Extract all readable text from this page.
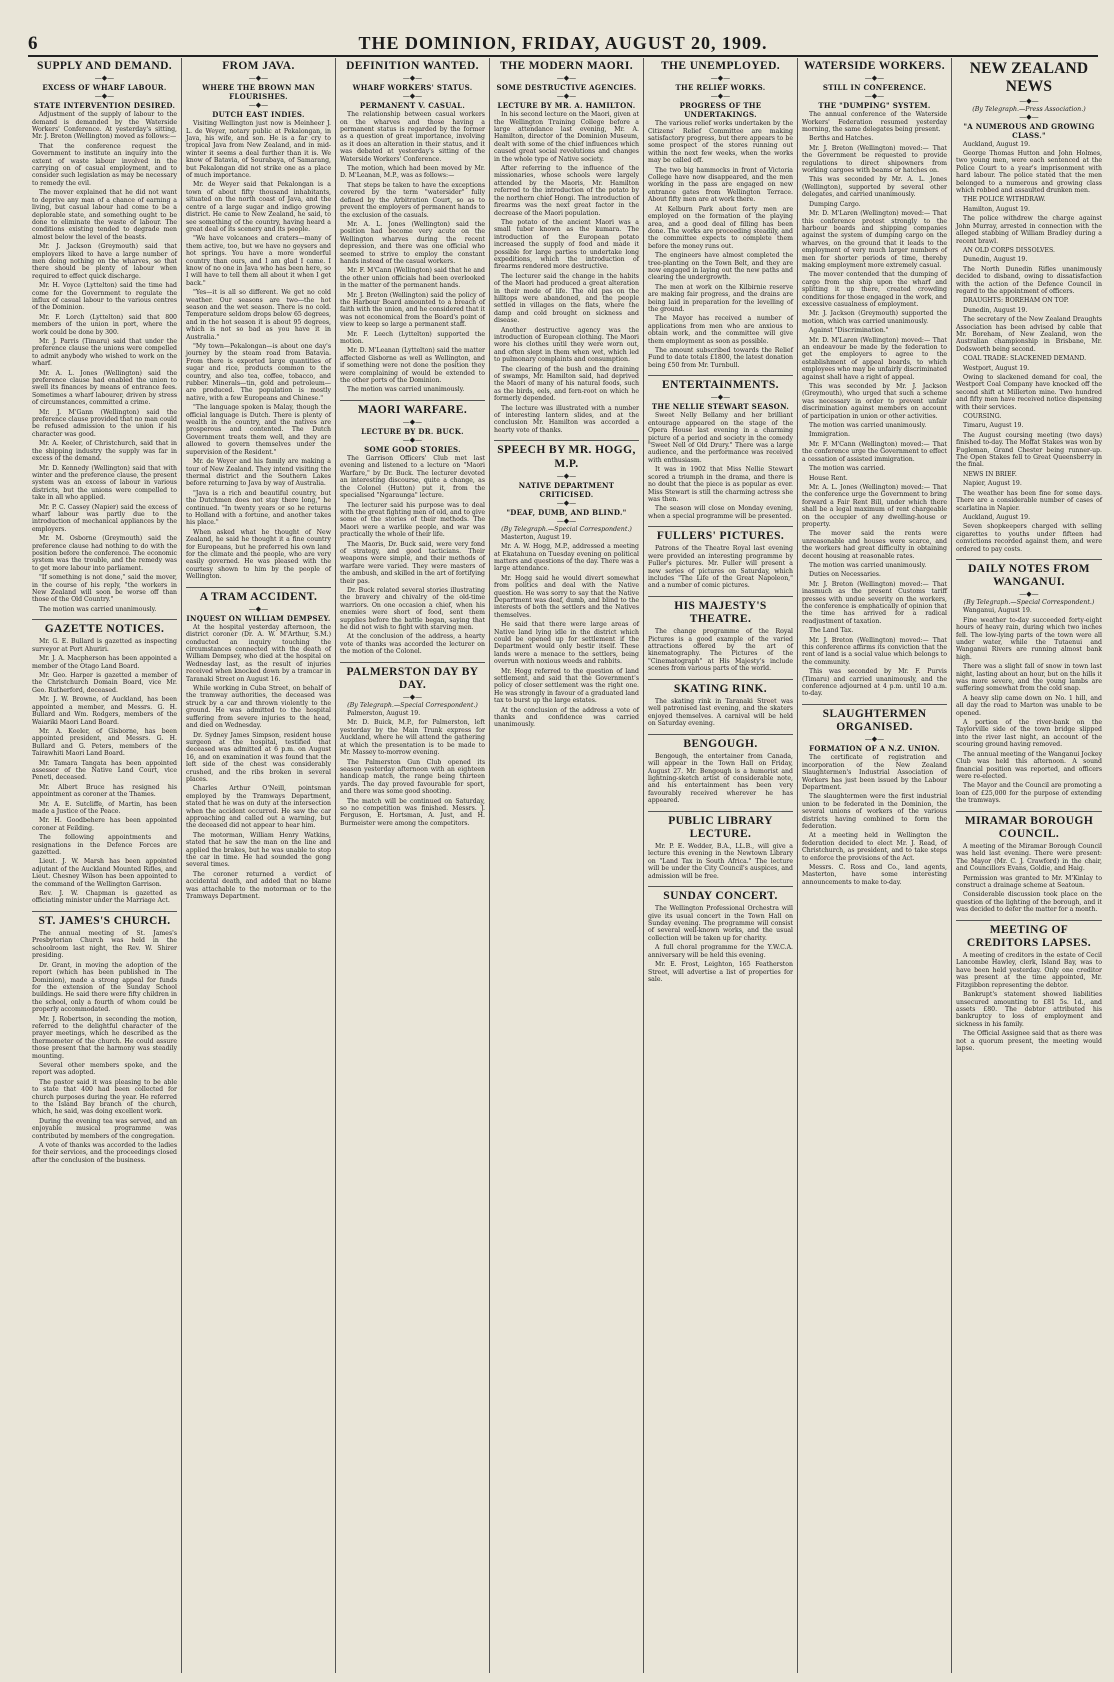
6	THE DOMINION, FRIDAY, AUGUST 20, 1909.
SUPPLY AND DEMAND.
—◆—
EXCESS OF WHARF LABOUR.
—◆—
STATE INTERVENTION DESIRED.

Adjustment of the supply of labour to the demand is demanded by the Waterside Workers' Conference. At yesterday's sitting, Mr. J. Breton (Wellington) moved as follows:—

That the conference request the Government to institute an inquiry into the extent of waste labour involved in the carrying on of casual employment, and to consider such legislation as may be necessary to remedy the evil.

The mover explained that he did not want to deprive any man of a chance of earning a living, but casual labour had come to be a deplorable state, and something ought to be done to eliminate the waste of labour. The conditions existing tended to degrade men almost below the level of the beasts.

Mr. J. Jackson (Greymouth) said that employers liked to have a large number of men doing nothing on the wharves, so that there should be plenty of labour when required to effect quick discharge.

Mr. H. Voyce (Lyttelton) said the time had come for the Government to regulate the influx of casual labour to the various centres of the Dominion.

Mr. F. Lorch (Lyttelton) said that 800 members of the union in port, where the work could be done by 300.

Mr. J. Parris (Timaru) said that under the preference clause the unions were compelled to admit anybody who wished to work on the wharf.

Mr. A. L. Jones (Wellington) said the preference clause had enabled the union to swell its finances by means of entrance fees. Sometimes a wharf labourer, driven by stress of circumstances, committed a crime.

Mr. J. M'Gann (Wellington) said the preference clause provided that no man could be refused admission to the union if his character was good.

Mr. A. Keeler, of Christchurch, said that in the shipping industry the supply was far in excess of the demand.

Mr. D. Kennedy (Wellington) said that with winter and the preference clause, the present system was an excess of labour in various districts, but the unions were compelled to take in all who applied.

Mr. P. C. Cassey (Napier) said the excess of wharf labour was partly due to the introduction of mechanical appliances by the employers.

Mr. M. Osborne (Greymouth) said the preference clause had nothing to do with the position before the conference. The economic system was the trouble, and the remedy was to get more labour into parliament.

"If something is not done," said the mover, in the course of his reply, "the workers in New Zealand will soon be worse off than those of the Old Country."

The motion was carried unanimously.

GAZETTE NOTICES.

Mr. G. E. Bullard is gazetted as inspecting surveyor at Port Ahuriri.

Mr. J. A. Macpherson has been appointed a member of the Otago Land Board.

Mr. Geo. Harper is gazetted a member of the Christchurch Domain Board, vice Mr. Geo. Rutherford, deceased.

Mr. J. W. Browne, of Auckland, has been appointed a member, and Messrs. G. H. Bullard and Wm. Rodgers, members of the Waiariki Maori Land Board.

Mr. A. Keeler, of Gisborne, has been appointed president, and Messrs. G. H. Bullard and G. Peters, members of the Tairawhiti Maori Land Board.

Mr. Tamara Tangata has been appointed assessor of the Native Land Court, vice Peneti, deceased.

Mr. Albert Bruce has resigned his appointment as coroner at the Thames.

Mr. A. E. Sutcliffe, of Martin, has been made a Justice of the Peace.

Mr. H. Goodbehere has been appointed coroner at Feilding.

The following appointments and resignations in the Defence Forces are gazetted.

Lieut. J. W. Marsh has been appointed adjutant of the Auckland Mounted Rifles, and Lieut. Chesney Wilson has been appointed to the command of the Wellington Garrison.

Rev. J. W. Chapman is gazetted as officiating minister under the Marriage Act.

ST. JAMES'S CHURCH.

The annual meeting of St. James's Presbyterian Church was held in the schoolroom last night, the Rev. W. Shirer presiding.

Dr. Grant, in moving the adoption of the report (which has been published in The Dominion), made a strong appeal for funds for the extension of the Sunday School buildings. He said there were fifty children in the school, only a fourth of whom could be properly accommodated.

Mr. J. Robertson, in seconding the motion, referred to the delightful character of the prayer meetings, which he described as the thermometer of the church. He could assure those present that the harmony was steadily mounting.

Several other members spoke, and the report was adopted.

The pastor said it was pleasing to be able to state that 400 had been collected for church purposes during the year. He referred to the Island Bay branch of the church, which, he said, was doing excellent work.

During the evening tea was served, and an enjoyable musical programme was contributed by members of the congregation.

A vote of thanks was accorded to the ladies for their services, and the proceedings closed after the conclusion of the business.

FROM JAVA.
—◆—
WHERE THE BROWN MAN FLOURISHES.
—◆—
DUTCH EAST INDIES.

Visiting Wellington just now is Meinheer J. L. de Weyer, notary public at Pekalongan, in Java, his wife, and son. He is a far cry to tropical Java from New Zealand, and in mid-winter it seems a deal further than it is. We know of Batavia, of Sourabaya, of Samarang, but Pekalongan did not strike one as a place of much importance.

Mr. de Weyer said that Pekalongan is a town of about fifty thousand inhabitants, situated on the north coast of Java, and the centre of a large sugar and indigo growing district. He came to New Zealand, he said, to see something of the country, having heard a great deal of its scenery and its people.

"We have volcanoes and craters—many of them active, too, but we have no geysers and hot springs. You have a more wonderful country than ours, and I am glad I came. I know of no one in Java who has been here, so I will have to tell them all about it when I get back."

"Yes—it is all so different. We get no cold weather. Our seasons are two—the hot season and the wet season. There is no cold. Temperature seldom drops below 65 degrees, and in the hot season it is about 95 degrees, which is not so bad as you have it in Australia."

"My town—Pekalongan—is about one day's journey by the steam road from Batavia. From there is exported large quantities of sugar and rice, products common to the country, and also tea, coffee, tobacco, and rubber. Minerals—tin, gold and petroleum—are produced. The population is mostly native, with a few Europeans and Chinese."

"The language spoken is Malay, though the official language is Dutch. There is plenty of wealth in the country, and the natives are prosperous and contented. The Dutch Government treats them well, and they are allowed to govern themselves under the supervision of the Resident."

Mr. de Weyer and his family are making a tour of New Zealand. They intend visiting the thermal district and the Southern Lakes before returning to Java by way of Australia.

"Java is a rich and beautiful country, but the Dutchmen does not stay there long," he continued. "In twenty years or so he returns to Holland with a fortune, and another takes his place."

When asked what he thought of New Zealand, he said he thought it a fine country for Europeans, but he preferred his own land for the climate and the people, who are very easily governed. He was pleased with the courtesy shown to him by the people of Wellington.

A TRAM ACCIDENT.
—◆—
INQUEST ON WILLIAM DEMPSEY.

At the hospital yesterday afternoon, the district coroner (Dr. A. W. M'Arthur, S.M.) conducted an inquiry touching the circumstances connected with the death of William Dempsey, who died at the hospital on Wednesday last, as the result of injuries received when knocked down by a tramcar in Taranaki Street on August 16.

While working in Cuba Street, on behalf of the tramway authorities, the deceased was struck by a car and thrown violently to the ground. He was admitted to the hospital suffering from severe injuries to the head, and died on Wednesday.

Dr. Sydney James Simpson, resident house surgeon at the hospital, testified that deceased was admitted at 6 p.m. on August 16, and on examination it was found that the left side of the chest was considerably crushed, and the ribs broken in several places.

Charles Arthur O'Neill, pointsman employed by the Tramways Department, stated that he was on duty at the intersection when the accident occurred. He saw the car approaching and called out a warning, but the deceased did not appear to hear him.

The motorman, William Henry Watkins, stated that he saw the man on the line and applied the brakes, but he was unable to stop the car in time. He had sounded the gong several times.

The coroner returned a verdict of accidental death, and added that no blame was attachable to the motorman or to the Tramways Department.

DEFINITION WANTED.
—◆—
WHARF WORKERS' STATUS.
—◆—
PERMANENT V. CASUAL.

The relationship between casual workers on the wharves and those having a permanent status is regarded by the former as a question of great importance, involving as it does an alteration in their status, and it was debated at yesterday's sitting of the Waterside Workers' Conference.

The motion, which had been moved by Mr. D. M'Leanan, M.P., was as follows:—

That steps be taken to have the exceptions covered by the term "watersider" fully defined by the Arbitration Court, so as to prevent the employers of permanent hands to the exclusion of the casuals.

Mr. A. L. Jones (Wellington) said the position had become very acute on the Wellington wharves during the recent depression, and there was one official who seemed to strive to employ the constant hands instead of the casual workers.

Mr. F. M'Cann (Wellington) said that he and the other union officials had been overlooked in the matter of the permanent hands.

Mr. J. Breton (Wellington) said the policy of the Harbour Board amounted to a breach of faith with the union, and he considered that it was not economical from the Board's point of view to keep so large a permanent staff.

Mr. F. Leech (Lyttelton) supported the motion.

Mr. D. M'Leanan (Lyttelton) said the matter affected Gisborne as well as Wellington, and if something were not done the position they were complaining of would be extended to the other ports of the Dominion.

The motion was carried unanimously.

MAORI WARFARE.
—◆—
LECTURE BY DR. BUCK.
—◆—
SOME GOOD STORIES.

The Garrison Officers' Club met last evening and listened to a lecture on "Maori Warfare," by Dr. Buck. The lecturer devoted an interesting discourse, quite a change, as the Colonel (Hutton) put it, from the specialised "Ngaraunga" lecture.

The lecturer said his purpose was to deal with the great fighting men of old, and to give some of the stories of their methods. The Maori were a warlike people, and war was practically the whole of their life.

The Maoris, Dr. Buck said, were very fond of strategy, and good tacticians. Their weapons were simple, and their methods of warfare were varied. They were masters of the ambush, and skilled in the art of fortifying their pas.

Dr. Buck related several stories illustrating the bravery and chivalry of the old-time warriors. On one occasion a chief, when his enemies were short of food, sent them supplies before the battle began, saying that he did not wish to fight with starving men.

At the conclusion of the address, a hearty vote of thanks was accorded the lecturer on the motion of the Colonel.

PALMERSTON DAY BY DAY.
—◆—
(By Telegraph.—Special Correspondent.)

Palmerston, August 19.

Mr. D. Buick, M.P., for Palmerston, left yesterday by the Main Trunk express for Auckland, where he will attend the gathering at which the presentation is to be made to Mr. Massey to-morrow evening.

The Palmerston Gun Club opened its season yesterday afternoon with an eighteen handicap match, the range being thirteen yards. The day proved favourable for sport, and there was some good shooting.

The match will be continued on Saturday, so no competition was finished. Messrs. J. Ferguson, E. Hortsman, A. Just, and H. Burmeister were among the competitors.

THE MODERN MAORI.
—◆—
SOME DESTRUCTIVE AGENCIES.
—◆—
LECTURE BY MR. A. HAMILTON.

In his second lecture on the Maori, given at the Wellington Training College before a large attendance last evening, Mr. A. Hamilton, director of the Dominion Museum, dealt with some of the chief influences which caused great social revolutions and changes in the whole type of Native society.

After referring to the influence of the missionaries, whose schools were largely attended by the Maoris, Mr. Hamilton referred to the introduction of the potato by the northern chief Hongi. The introduction of firearms was the next great factor in the decrease of the Maori population.

The potato of the ancient Maori was a small tuber known as the kumara. The introduction of the European potato increased the supply of food and made it possible for large parties to undertake long expeditions, which the introduction of firearms rendered more destructive.

The lecturer said the change in the habits of the Maori had produced a great alteration in their mode of life. The old pas on the hilltops were abandoned, and the people settled in villages on the flats, where the damp and cold brought on sickness and disease.

Another destructive agency was the introduction of European clothing. The Maori wore his clothes until they were worn out, and often slept in them when wet, which led to pulmonary complaints and consumption.

The clearing of the bush and the draining of swamps, Mr. Hamilton said, had deprived the Maori of many of his natural foods, such as the birds, eels, and fern-root on which he formerly depended.

The lecture was illustrated with a number of interesting lantern slides, and at the conclusion Mr. Hamilton was accorded a hearty vote of thanks.

SPEECH BY MR. HOGG, M.P.
—◆—
NATIVE DEPARTMENT CRITICISED.
—◆—
"DEAF, DUMB, AND BLIND."
—◆—
(By Telegraph.—Special Correspondent.)

Masterton, August 19.

Mr. A. W. Hogg, M.P., addressed a meeting at Ekatahuna on Tuesday evening on political matters and questions of the day. There was a large attendance.

Mr. Hogg said he would divert somewhat from politics and deal with the Native question. He was sorry to say that the Native Department was deaf, dumb, and blind to the interests of both the settlers and the Natives themselves.

He said that there were large areas of Native land lying idle in the district which could be opened up for settlement if the Department would only bestir itself. These lands were a menace to the settlers, being overrun with noxious weeds and rabbits.

Mr. Hogg referred to the question of land settlement, and said that the Government's policy of closer settlement was the right one. He was strongly in favour of a graduated land tax to burst up the large estates.

At the conclusion of the address a vote of thanks and confidence was carried unanimously.

THE UNEMPLOYED.
—◆—
THE RELIEF WORKS.
—◆—
PROGRESS OF THE UNDERTAKINGS.

The various relief works undertaken by the Citizens' Relief Committee are making satisfactory progress, but there appears to be some prospect of the stores running out within the next few weeks, when the works may be called off.

The two big hammocks in front of Victoria College have now disappeared, and the men working in the pass are engaged on new entrance gates from Wellington Terrace. About fifty men are at work there.

At Kelburn Park about forty men are employed on the formation of the playing area, and a good deal of filling has been done. The works are proceeding steadily, and the committee expects to complete them before the money runs out.

The engineers have almost completed the tree-planting on the Town Belt, and they are now engaged in laying out the new paths and clearing the undergrowth.

The men at work on the Kilbirnie reserve are making fair progress, and the drains are being laid in preparation for the levelling of the ground.

The Mayor has received a number of applications from men who are anxious to obtain work, and the committee will give them employment as soon as possible.

The amount subscribed towards the Relief Fund to date totals £1800, the latest donation being £50 from Mr. Turnbull.

ENTERTAINMENTS.
—◆—
THE NELLIE STEWART SEASON.

Sweet Nelly Bellamy and her brilliant entourage appeared on the stage of the Opera House last evening in a charming picture of a period and society in the comedy "Sweet Nell of Old Drury." There was a large audience, and the performance was received with enthusiasm.

It was in 1902 that Miss Nellie Stewart scored a triumph in the drama, and there is no doubt that the piece is as popular as ever. Miss Stewart is still the charming actress she was then.

The season will close on Monday evening, when a special programme will be presented.

FULLERS' PICTURES.

Patrons of the Theatre Royal last evening were provided an interesting programme by Fuller's pictures. Mr. Fuller will present a new series of pictures on Saturday, which includes "The Life of the Great Napoleon," and a number of comic pictures.

HIS MAJESTY'S THEATRE.

The change programme of the Royal Pictures is a good example of the varied attractions offered by the art of kinematography. The Pictures of the "Cinematograph" at His Majesty's include scenes from various parts of the world.

SKATING RINK.

The skating rink in Taranaki Street was well patronised last evening, and the skaters enjoyed themselves. A carnival will be held on Saturday evening.

BENGOUGH.

Bengough, the entertainer from Canada, will appear in the Town Hall on Friday, August 27. Mr. Bengough is a humorist and lightning-sketch artist of considerable note, and his entertainment has been very favourably received wherever he has appeared.

PUBLIC LIBRARY LECTURE.

Mr. P. E. Wedder, B.A., LL.B., will give a lecture this evening in the Newtown Library on "Land Tax in South Africa." The lecture will be under the City Council's auspices, and admission will be free.

SUNDAY CONCERT.

The Wellington Professional Orchestra will give its usual concert in the Town Hall on Sunday evening. The programme will consist of several well-known works, and the usual collection will be taken up for charity.

A full choral programme for the Y.W.C.A. anniversary will be held this evening.

Mr. E. Frost, Leighton, 165 Featherston Street, will advertise a list of properties for sale.

WATERSIDE WORKERS.
—◆—
STILL IN CONFERENCE.
—◆—
THE "DUMPING" SYSTEM.

The annual conference of the Waterside Workers' Federation resumed yesterday morning, the same delegates being present.

Berths and Hatches.

Mr. J. Breton (Wellington) moved:— That the Government be requested to provide regulations to direct shipowners from working cargoes with beams or hatches on.

This was seconded by Mr. A. L. Jones (Wellington), supported by several other delegates, and carried unanimously.

Dumping Cargo.

Mr. D. M'Laren (Wellington) moved:— That this conference protest strongly to the harbour boards and shipping companies against the system of dumping cargo on the wharves, on the ground that it leads to the employment of very much larger numbers of men for shorter periods of time, thereby making employment more extremely casual.

The mover contended that the dumping of cargo from the ship upon the wharf and splitting it up there, created crowding conditions for those engaged in the work, and excessive casualness of employment.

Mr. J. Jackson (Greymouth) supported the motion, which was carried unanimously.

Against "Discrimination."

Mr. D. M'Laren (Wellington) moved:— That an endeavour be made by the federation to get the employers to agree to the establishment of appeal boards, to which employees who may be unfairly discriminated against shall have a right of appeal.

This was seconded by Mr. J. Jackson (Greymouth), who urged that such a scheme was necessary in order to prevent unfair discrimination against members on account of participation in union or other activities.

The motion was carried unanimously.

Immigration.

Mr. F. M'Cann (Wellington) moved:— That the conference urge the Government to effect a cessation of assisted immigration.

The motion was carried.

House Rent.

Mr. A. L. Jones (Wellington) moved:— That the conference urge the Government to bring forward a Fair Rent Bill, under which there shall be a legal maximum of rent chargeable on the occupier of any dwelling-house or property.

The mover said the rents were unreasonable and houses were scarce, and the workers had great difficulty in obtaining decent housing at reasonable rates.

The motion was carried unanimously.

Duties on Necessaries.

Mr. J. Breton (Wellington) moved:— That inasmuch as the present Customs tariff presses with undue severity on the workers, the conference is emphatically of opinion that the time has arrived for a radical readjustment of taxation.

The Land Tax.

Mr. J. Breton (Wellington) moved:— That this conference affirms its conviction that the rent of land is a social value which belongs to the community.

This was seconded by Mr. F. Purvis (Timaru) and carried unanimously, and the conference adjourned at 4 p.m. until 10 a.m. to-day.

SLAUGHTERMEN ORGANISED.
—◆—
FORMATION OF A N.Z. UNION.

The certificate of registration and incorporation of the New Zealand Slaughtermen's Industrial Association of Workers has just been issued by the Labour Department.

The slaughtermen were the first industrial union to be federated in the Dominion, the several unions of workers of the various districts having combined to form the federation.

At a meeting held in Wellington the federation decided to elect Mr. J. Read, of Christchurch, as president, and to take steps to enforce the provisions of the Act.

Messrs. C. Ross and Co., land agents, Masterton, have some interesting announcements to make to-day.

NEW ZEALAND NEWS
—◆—
(By Telegraph.—Press Association.)
—◆—
"A NUMEROUS AND GROWING CLASS."

Auckland, August 19.

George Thomas Hutton and John Holmes, two young men, were each sentenced at the Police Court to a year's imprisonment with hard labour. The police stated that the men belonged to a numerous and growing class which robbed and assaulted drunken men.

THE POLICE WITHDRAW.

Hamilton, August 19.

The police withdrew the charge against John Murray, arrested in connection with the alleged stabbing of William Bradley during a recent brawl.

AN OLD CORPS DISSOLVES.

Dunedin, August 19.

The North Dunedin Rifles unanimously decided to disband, owing to dissatisfaction with the action of the Defence Council in regard to the appointment of officers.

DRAUGHTS: BOREHAM ON TOP.

Dunedin, August 19.

The secretary of the New Zealand Draughts Association has been advised by cable that Mr. Boreham, of New Zealand, won the Australian championship in Brisbane, Mr. Dodsworth being second.

COAL TRADE: SLACKENED DEMAND.

Westport, August 19.

Owing to slackened demand for coal, the Westport Coal Company have knocked off the second shift at Millerton mine. Two hundred and fifty men have received notice dispensing with their services.

COURSING.

Timaru, August 19.

The August coursing meeting (two days) finished to-day. The Moffat Stakes was won by Fugleman, Grand Chester being runner-up. The Open Stakes fell to Great Queensberry in the final.

NEWS IN BRIEF.

Napier, August 19.

The weather has been fine for some days. There are a considerable number of cases of scarlatina in Napier.

Auckland, August 19.

Seven shopkeepers charged with selling cigarettes to youths under fifteen had convictions recorded against them, and were ordered to pay costs.

DAILY NOTES FROM WANGANUI.
—◆—
(By Telegraph.—Special Correspondent.)

Wanganui, August 19.

Fine weather to-day succeeded forty-eight hours of heavy rain, during which two inches fell. The low-lying parts of the town were all under water, while the Tutaenui and Wanganui Rivers are running almost bank high.

There was a slight fall of snow in town last night, lasting about an hour, but on the hills it was more severe, and the young lambs are suffering somewhat from the cold snap.

A heavy slip came down on No. 1 hill, and all day the road to Marton was unable to be opened.

A portion of the river-bank on the Taylorville side of the town bridge slipped into the river last night, an account of the scouring ground having removed.

The annual meeting of the Wanganui Jockey Club was held this afternoon. A sound financial position was reported, and officers were re-elected.

The Mayor and the Council are promoting a loan of £25,000 for the purpose of extending the tramways.

MIRAMAR BOROUGH COUNCIL.

A meeting of the Miramar Borough Council was held last evening. There were present: The Mayor (Mr. C. J. Crawford) in the chair, and Councillors Evans, Goldie, and Haig.

Permission was granted to Mr. M'Kinlay to construct a drainage scheme at Seatoun.

Considerable discussion took place on the question of the lighting of the borough, and it was decided to defer the matter for a month.

MEETING OF CREDITORS LAPSES.

A meeting of creditors in the estate of Cecil Lancombe Hawley, clerk, Island Bay, was to have been held yesterday. Only one creditor was present at the time appointed, Mr. Fitzgibbon representing the debtor.

Bankrupt's statement showed liabilities unsecured amounting to £81 5s. 1d., and assets £80. The debtor attributed his bankruptcy to loss of employment and sickness in his family.

The Official Assignee said that as there was not a quorum present, the meeting would lapse.
